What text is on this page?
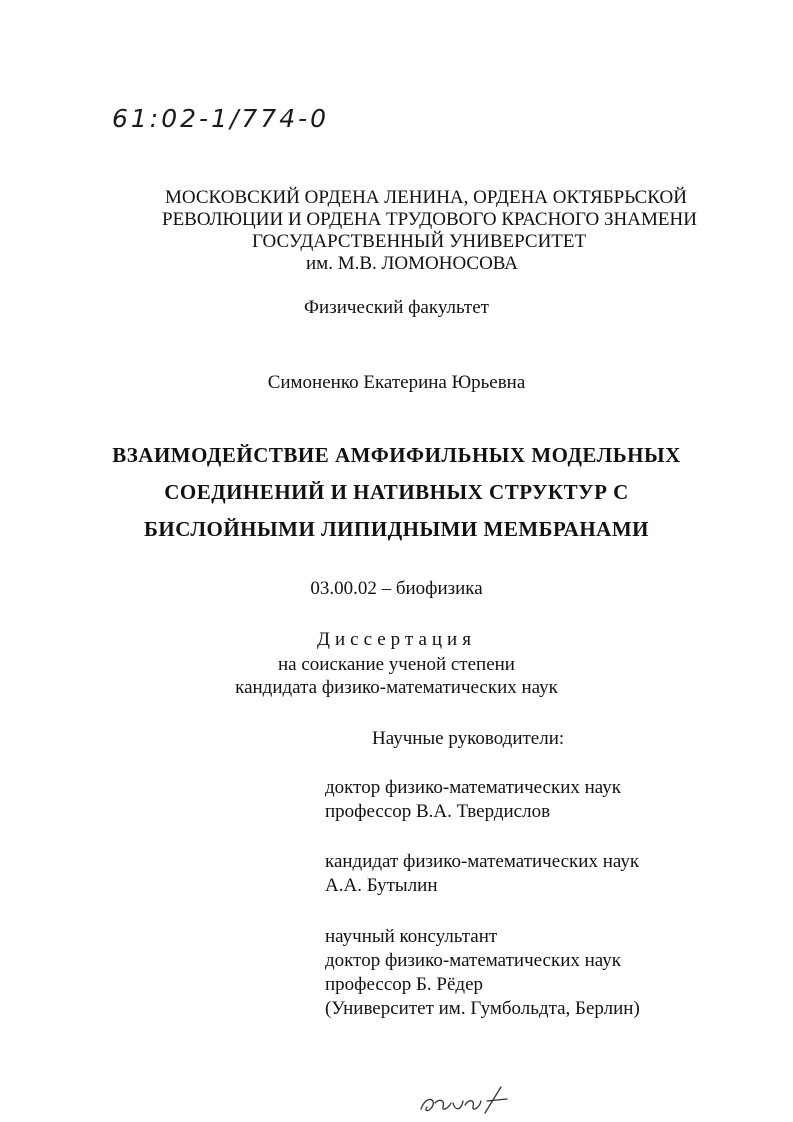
61:02-1/774-0
МОСКОВСКИЙ ОРДЕНА ЛЕНИНА, ОРДЕНА ОКТЯБРЬСКОЙ
РЕВОЛЮЦИИ И ОРДЕНА ТРУДОВОГО КРАСНОГО ЗНАМЕНИ
ГОСУДАРСТВЕННЫЙ УНИВЕРСИТЕТ
им. М.В. ЛОМОНОСОВА
Физический факультет
Симоненко Екатерина Юрьевна
ВЗАИМОДЕЙСТВИЕ АМФИФИЛЬНЫХ МОДЕЛЬНЫХ
СОЕДИНЕНИЙ И НАТИВНЫХ СТРУКТУР С
БИСЛОЙНЫМИ ЛИПИДНЫМИ МЕМБРАНАМИ
03.00.02 – биофизика
Диссертация
на соискание ученой степени
кандидата физико-математических наук
Научные руководители:
доктор физико-математических наук
профессор В.А. Твердислов
кандидат физико-математических наук
А.А. Бутылин
научный консультант
доктор физико-математических наук
профессор Б. Рёдер
(Университет им. Гумбольдта, Берлин)
